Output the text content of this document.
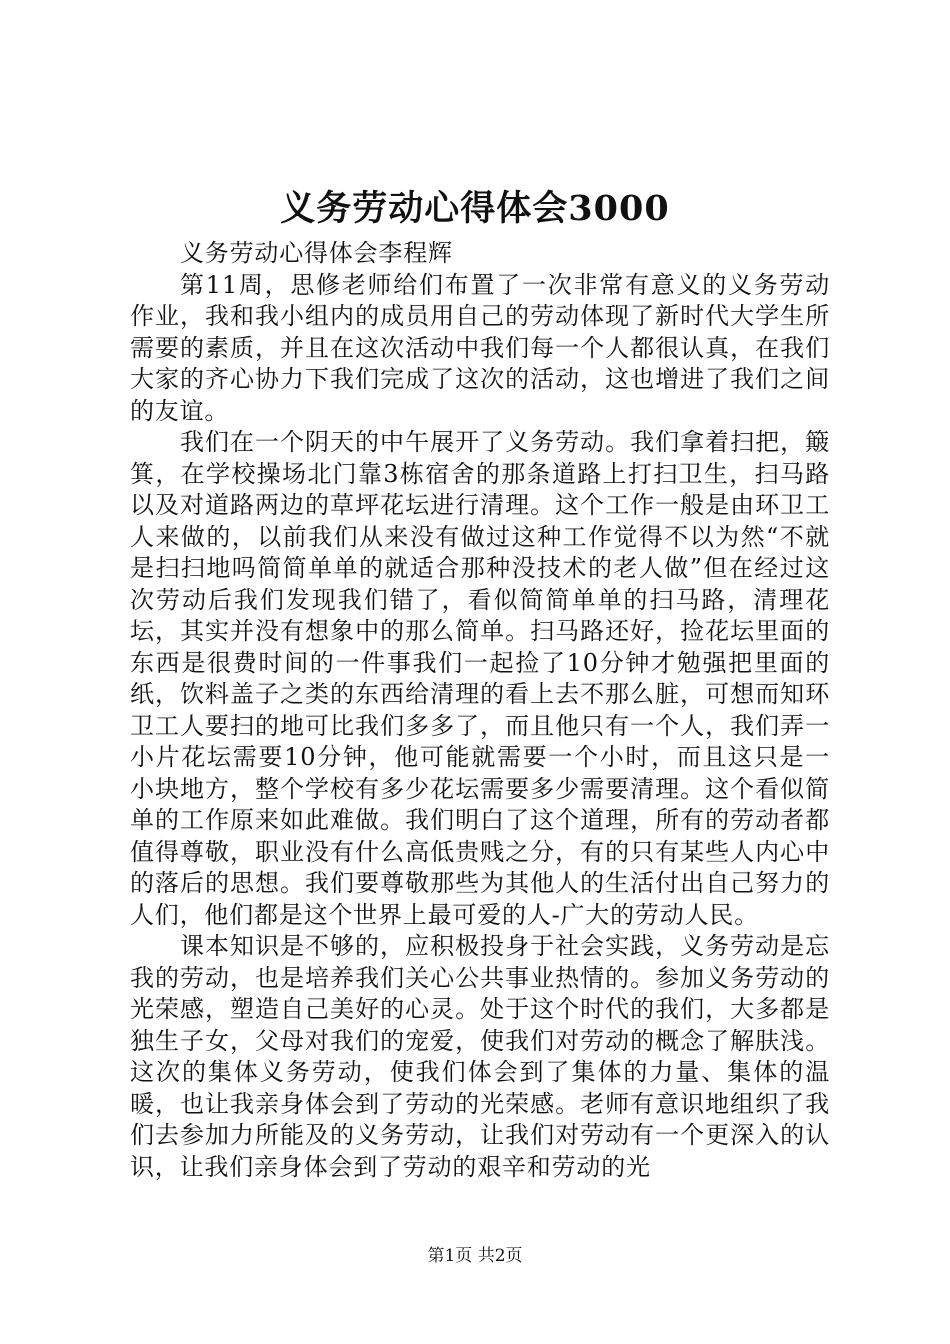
义务劳动心得体会3000

义务劳动心得体会李程辉

第11周，思修老师给们布置了一次非常有意义的义务劳动作业，我和我小组内的成员用自己的劳动体现了新时代大学生所需要的素质，并且在这次活动中我们每一个人都很认真，在我们大家的齐心协力下我们完成了这次的活动，这也增进了我们之间的友谊。

我们在一个阴天的中午展开了义务劳动。我们拿着扫把，簸箕，在学校操场北门靠3栋宿舍的那条道路上打扫卫生，扫马路以及对道路两边的草坪花坛进行清理。这个工作一般是由环卫工人来做的，以前我们从来没有做过这种工作觉得不以为然“不就是扫扫地吗简简单单的就适合那种没技术的老人做”但在经过这次劳动后我们发现我们错了，看似简简单单的扫马路，清理花坛，其实并没有想象中的那么简单。扫马路还好，捡花坛里面的东西是很费时间的一件事我们一起捡了10分钟才勉强把里面的纸，饮料盖子之类的东西给清理的看上去不那么脏，可想而知环卫工人要扫的地可比我们多多了，而且他只有一个人，我们弄一小片花坛需要10分钟，他可能就需要一个小时，而且这只是一小块地方，整个学校有多少花坛需要多少需要清理。这个看似简单的工作原来如此难做。我们明白了这个道理，所有的劳动者都值得尊敬，职业没有什么高低贵贱之分，有的只有某些人内心中的落后的思想。我们要尊敬那些为其他人的生活付出自己努力的人们，他们都是这个世界上最可爱的人-广大的劳动人民。

课本知识是不够的，应积极投身于社会实践，义务劳动是忘我的劳动，也是培养我们关心公共事业热情的。参加义务劳动的光荣感，塑造自己美好的心灵。处于这个时代的我们，大多都是独生子女，父母对我们的宠爱，使我们对劳动的概念了解肤浅。这次的集体义务劳动，使我们体会到了集体的力量、集体的温暖，也让我亲身体会到了劳动的光荣感。老师有意识地组织了我们去参加力所能及的义务劳动，让我们对劳动有一个更深入的认识，让我们亲身体会到了劳动的艰辛和劳动的光

第1页 共2页
